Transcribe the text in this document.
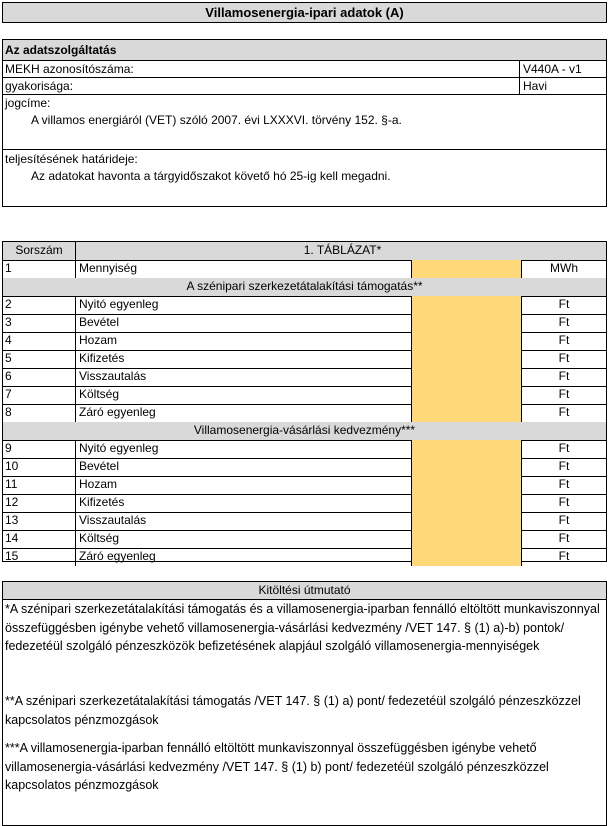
Villamosenergia-ipari adatok (A)
Az adatszolgáltatás
MEKH azonosítószáma:	V440A - v1
gyakorisága:	Havi
jogcíme:
A villamos energiáról (VET) szóló 2007. évi LXXXVI. törvény 152. §-a.
teljesítésének határideje:
Az adatokat havonta a tárgyidőszakot követő hó 25-ig kell megadni.
Sorszám	1. TÁBLÁZAT*
1	Mennyiség	MWh
A szénipari szerkezetátalakítási támogatás**
2	Nyitó egyenleg	Ft
3	Bevétel	Ft
4	Hozam	Ft
5	Kifizetés	Ft
6	Visszautalás	Ft
7	Költség	Ft
8	Záró egyenleg	Ft
Villamosenergia-vásárlási kedvezmény***
9	Nyitó egyenleg	Ft
10	Bevétel	Ft
11	Hozam	Ft
12	Kifizetés	Ft
13	Visszautalás	Ft
14	Költség	Ft
15	Záró egyenleg	Ft
Kitöltési útmutató
*A szénipari szerkezetátalakítási támogatás és a villamosenergia-iparban fennálló eltöltött munkaviszonnyal összefüggésben igénybe vehető villamosenergia-vásárlási kedvezmény /VET 147. § (1) a)-b) pontok/ fedezetéül szolgáló pénzeszközök befizetésének alapjául szolgáló villamosenergia-mennyiségek
**A szénipari szerkezetátalakítási támogatás /VET 147. § (1) a) pont/ fedezetéül szolgáló pénzeszközzel kapcsolatos pénzmozgások
***A villamosenergia-iparban fennálló eltöltött munkaviszonnyal összefüggésben igénybe vehető villamosenergia-vásárlási kedvezmény /VET 147. § (1) b) pont/ fedezetéül szolgáló pénzeszközzel kapcsolatos pénzmozgások
